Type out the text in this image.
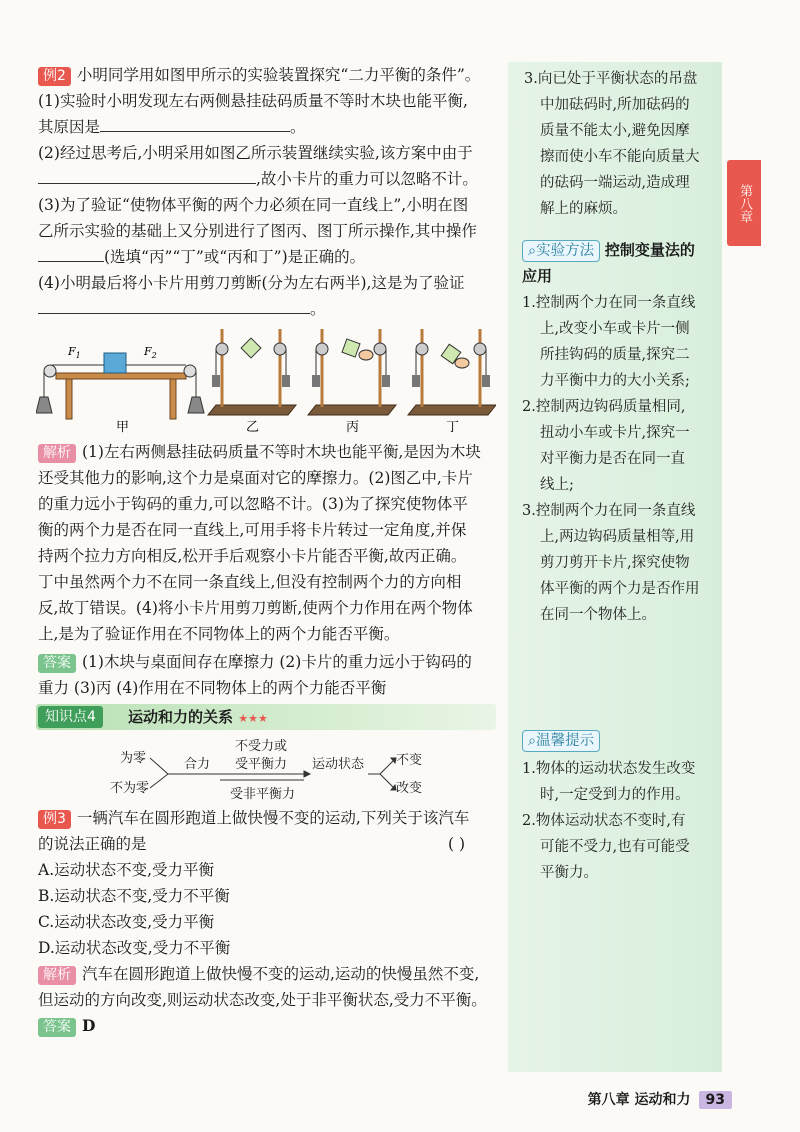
第八章
3.向已处于平衡状态的吊盘
中加砝码时,所加砝码的
质量不能太小,避免因摩
擦而使小车不能向质量大
的砝码一端运动,造成理
解上的麻烦。
⌕实验方法 控制变量法的
应用
1.控制两个力在同一条直线
上,改变小车或卡片一侧
所挂钩码的质量,探究二
力平衡中力的大小关系;
2.控制两边钩码质量相同,
扭动小车或卡片,探究一
对平衡力是否在同一直
线上;
3.控制两个力在同一条直线
上,两边钩码质量相等,用
剪刀剪开卡片,探究使物
体平衡的两个力是否作用
在同一个物体上。
⌕温馨提示
1.物体的运动状态发生改变
时,一定受到力的作用。
2.物体运动状态不变时,有
可能不受力,也有可能受
平衡力。
例2 小明同学用如图甲所示的实验装置探究“二力平衡的条件”。
(1)实验时小明发现左右两侧悬挂砝码质量不等时木块也能平衡,
其原因是	。
(2)经过思考后,小明采用如图乙所示装置继续实验,该方案中由于
,故小卡片的重力可以忽略不计。
(3)为了验证“使物体平衡的两个力必须在同一直线上”,小明在图
乙所示实验的基础上又分别进行了图丙、图丁所示操作,其中操作
(选填“丙”“丁”或“丙和丁”)是正确的。
(4)小明最后将小卡片用剪刀剪断(分为左右两半),这是为了验证
。
$F_1$	$F_2$
甲	乙	丙	丁
解析 (1)左右两侧悬挂砝码质量不等时木块也能平衡,是因为木块
还受其他力的影响,这个力是桌面对它的摩擦力。(2)图乙中,卡片
的重力远小于钩码的重力,可以忽略不计。(3)为了探究使物体平
衡的两个力是否在同一直线上,可用手将卡片转过一定角度,并保
持两个拉力方向相反,松开手后观察小卡片能否平衡,故丙正确。
丁中虽然两个力不在同一条直线上,但没有控制两个力的方向相
反,故丁错误。(4)将小卡片用剪刀剪断,使两个力作用在两个物体
上,是为了验证作用在不同物体上的两个力能否平衡。
答案 (1)木块与桌面间存在摩擦力 (2)卡片的重力远小于钩码的
重力 (3)丙 (4)作用在不同物体上的两个力能否平衡
知识点4	运动和力的关系 ★★★
为零
不为零
合力
不受力或
受平衡力
受非平衡力
运动状态 不变
改变
例3 一辆汽车在圆形跑道上做快慢不变的运动,下列关于该汽车
的说法正确的是	( )
A.运动状态不变,受力平衡
B.运动状态不变,受力不平衡
C.运动状态改变,受力平衡
D.运动状态改变,受力不平衡
解析 汽车在圆形跑道上做快慢不变的运动,运动的快慢虽然不变,
但运动的方向改变,则运动状态改变,处于非平衡状态,受力不平衡。
答案 D
第八章 运动和力 93
